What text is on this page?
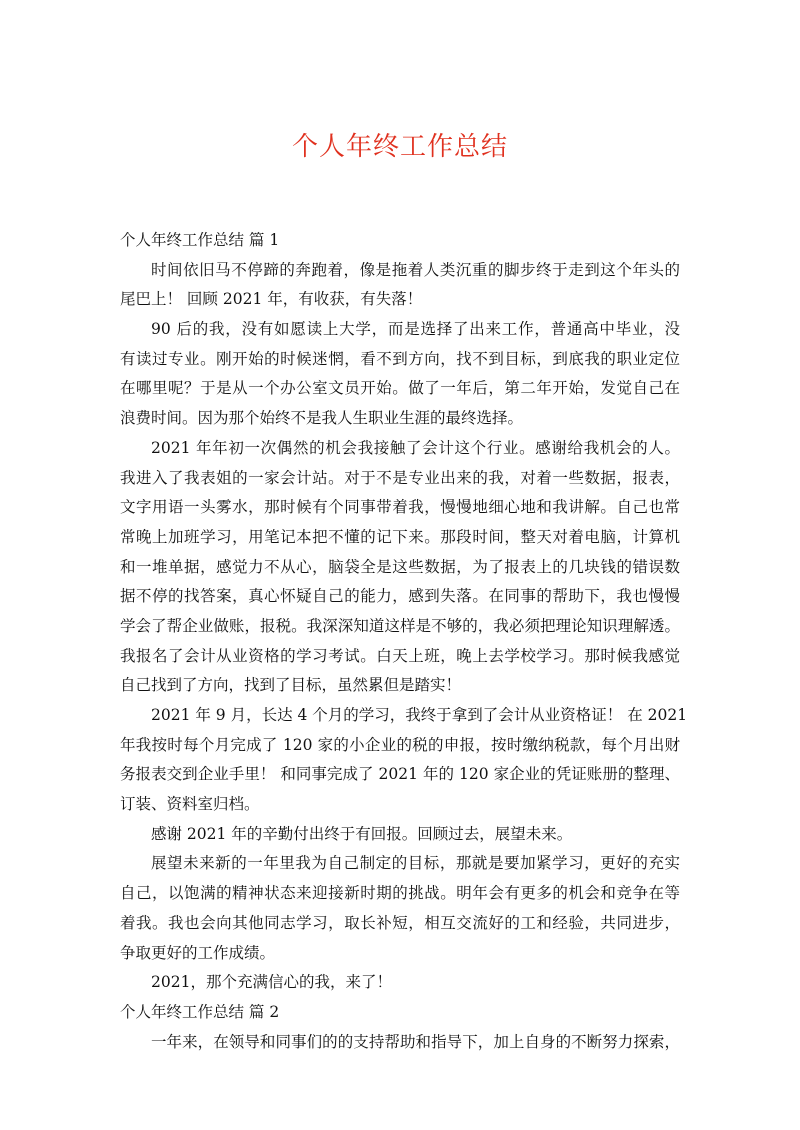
个人年终工作总结
个人年终工作总结 篇 1
时间依旧马不停蹄的奔跑着，像是拖着人类沉重的脚步终于走到这个年头的
尾巴上！ 回顾 2021 年，有收获，有失落！
90 后的我，没有如愿读上大学，而是选择了出来工作，普通高中毕业，没
有读过专业。刚开始的时候迷惘，看不到方向，找不到目标，到底我的职业定位
在哪里呢？于是从一个办公室文员开始。做了一年后，第二年开始，发觉自己在
浪费时间。因为那个始终不是我人生职业生涯的最终选择。
2021 年年初一次偶然的机会我接触了会计这个行业。感谢给我机会的人。
我进入了我表姐的一家会计站。对于不是专业出来的我，对着一些数据，报表，
文字用语一头雾水，那时候有个同事带着我，慢慢地细心地和我讲解。自己也常
常晚上加班学习，用笔记本把不懂的记下来。那段时间，整天对着电脑，计算机
和一堆单据，感觉力不从心，脑袋全是这些数据，为了报表上的几块钱的错误数
据不停的找答案，真心怀疑自己的能力，感到失落。在同事的帮助下，我也慢慢
学会了帮企业做账，报税。我深深知道这样是不够的，我必须把理论知识理解透。
我报名了会计从业资格的学习考试。白天上班，晚上去学校学习。那时候我感觉
自己找到了方向，找到了目标，虽然累但是踏实！
2021 年 9 月，长达 4 个月的学习，我终于拿到了会计从业资格证！ 在 2021
年我按时每个月完成了 120 家的小企业的税的申报，按时缴纳税款，每个月出财
务报表交到企业手里！ 和同事完成了 2021 年的 120 家企业的凭证账册的整理、
订装、资料室归档。
感谢 2021 年的辛勤付出终于有回报。回顾过去，展望未来。
展望未来新的一年里我为自己制定的目标，那就是要加紧学习，更好的充实
自己，以饱满的精神状态来迎接新时期的挑战。明年会有更多的机会和竞争在等
着我。我也会向其他同志学习，取长补短，相互交流好的工和经验，共同进步，
争取更好的工作成绩。
2021，那个充满信心的我，来了！
个人年终工作总结 篇 2
一年来，在领导和同事们的的支持帮助和指导下，加上自身的不断努力探索，
